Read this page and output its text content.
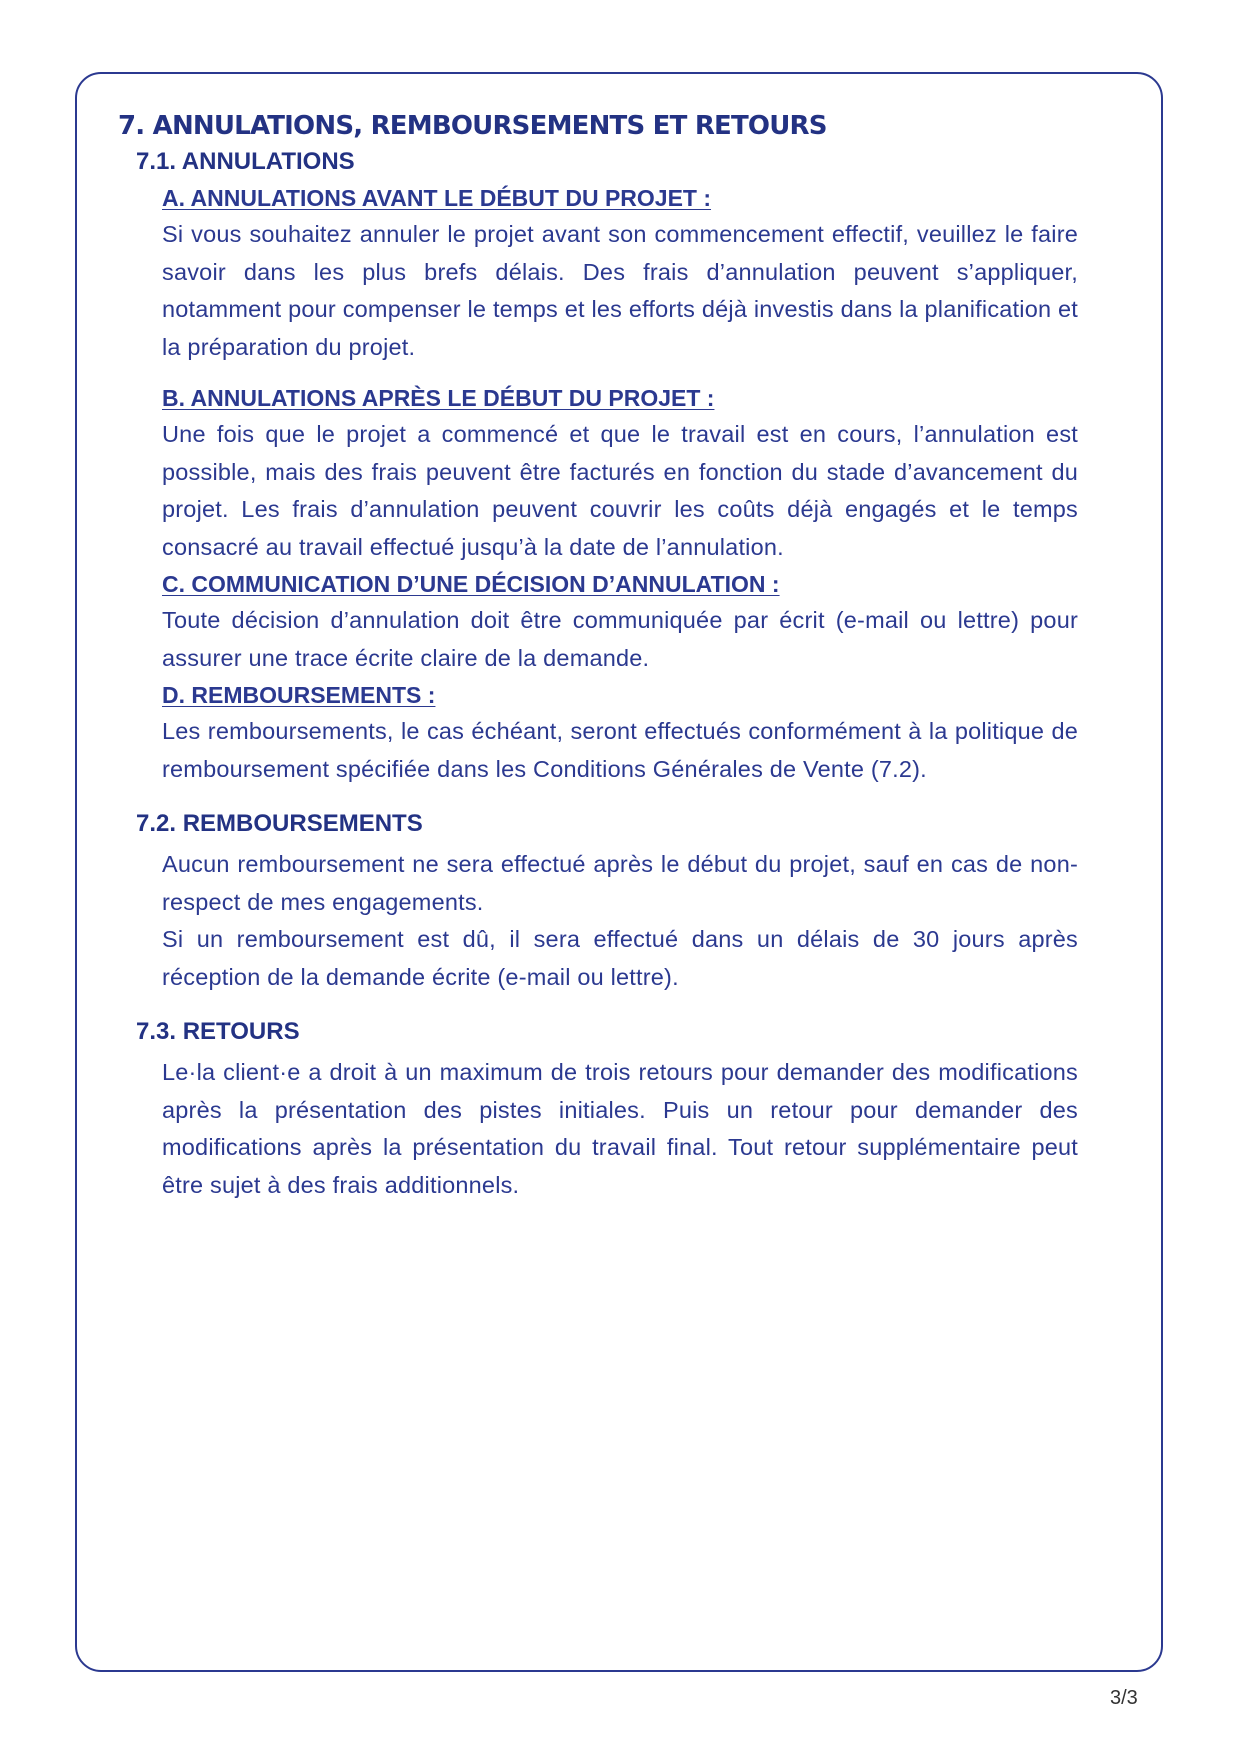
7. ANNULATIONS, REMBOURSEMENTS ET RETOURS
7.1. ANNULATIONS
A. ANNULATIONS AVANT LE DÉBUT DU PROJET :

Si vous souhaitez annuler le projet avant son commencement effectif, veuillez le faire savoir dans les plus brefs délais. Des frais d’annulation peuvent s’appliquer, notamment pour compenser le temps et les efforts déjà investis dans la planification et la préparation du projet.

B. ANNULATIONS APRÈS LE DÉBUT DU PROJET :

Une fois que le projet a commencé et que le travail est en cours, l’annulation est possible, mais des frais peuvent être facturés en fonction du stade d’avancement du projet. Les frais d’annulation peuvent couvrir les coûts déjà engagés et le temps consacré au travail effectué jusqu’à la date de l’annulation.

C. COMMUNICATION D’UNE DÉCISION D’ANNULATION :

Toute décision d’annulation doit être communiquée par écrit (e-mail ou lettre) pour assurer une trace écrite claire de la demande.

D. REMBOURSEMENTS :

Les remboursements, le cas échéant, seront effectués conformément à la politique de remboursement spécifiée dans les Conditions Générales de Vente (7.2).

7.2. REMBOURSEMENTS

Aucun remboursement ne sera effectué après le début du projet, sauf en cas de non-respect de mes engagements.

Si un remboursement est dû, il sera effectué dans un délais de 30 jours après réception de la demande écrite (e-mail ou lettre).

7.3. RETOURS

Le·la client·e a droit à un maximum de trois retours pour demander des modifications après la présentation des pistes initiales. Puis un retour pour demander des modifications après la présentation du travail final. Tout retour supplémentaire peut être sujet à des frais additionnels.

3/3
